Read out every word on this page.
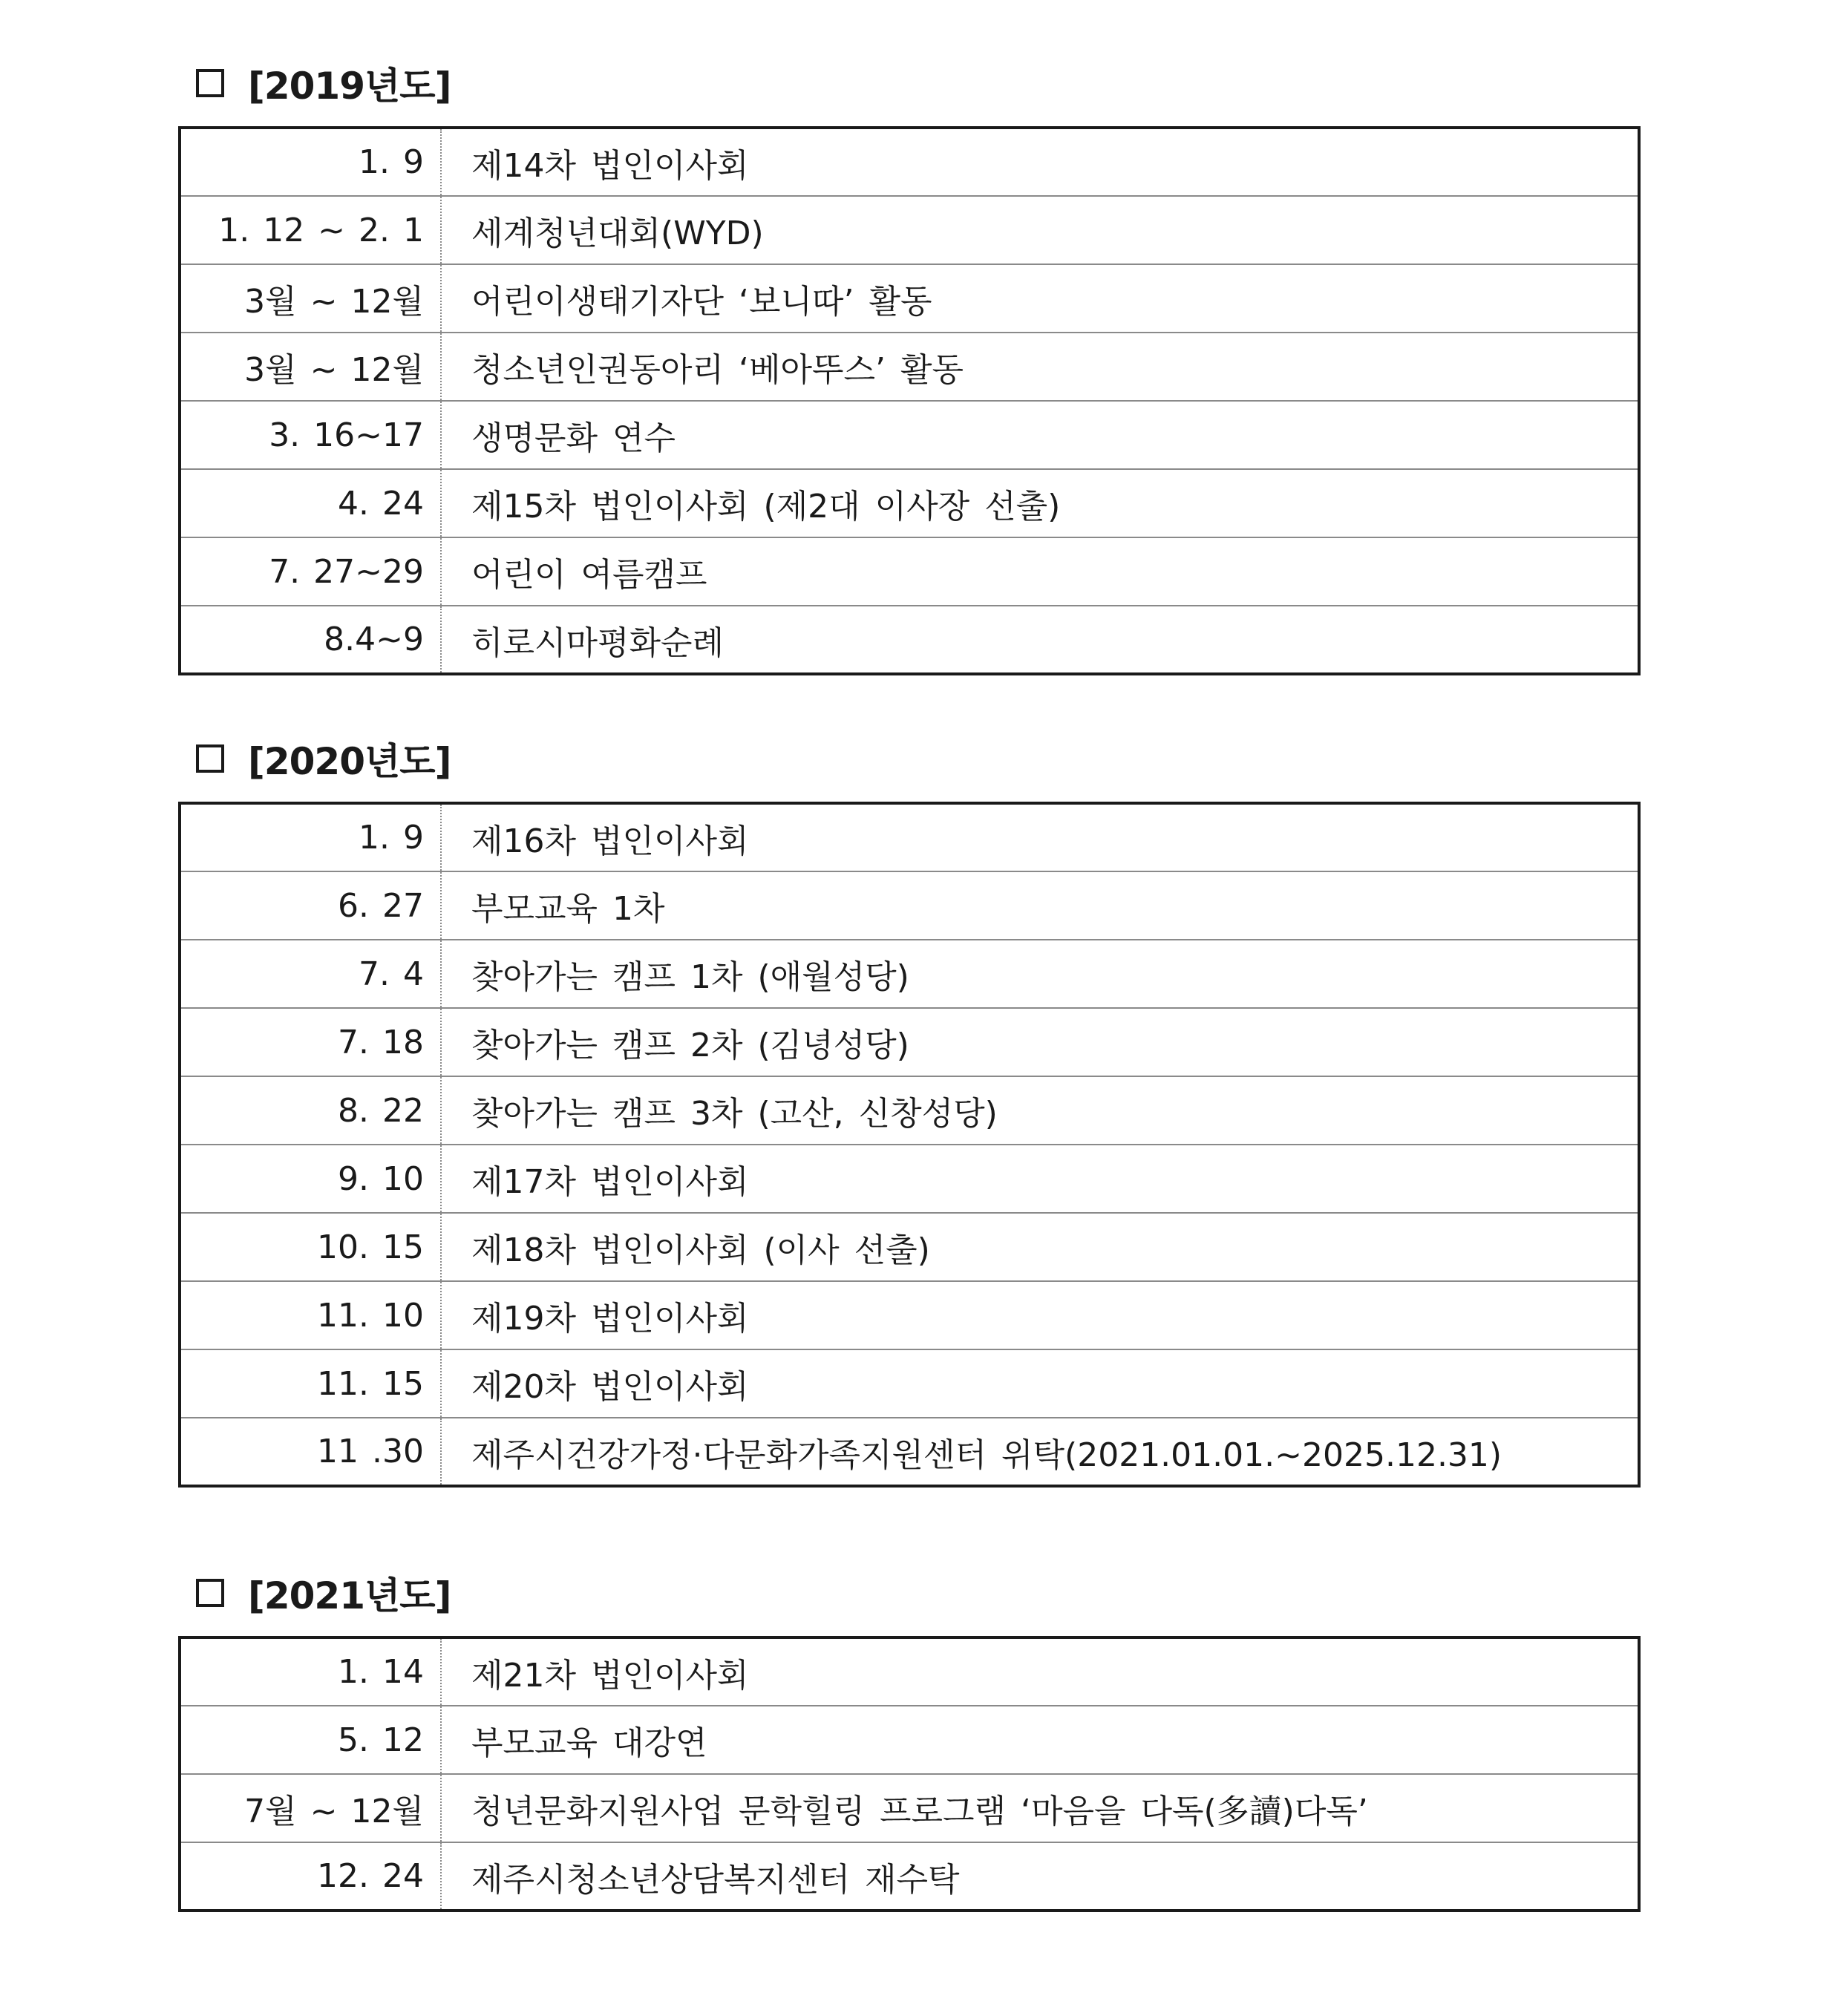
[2019년도]
1. 9	제14차 법인이사회
1. 12 ~ 2. 1	세계청년대회(WYD)
3월 ~ 12월	어린이생태기자단 ‘보니따’ 활동
3월 ~ 12월	청소년인권동아리 ‘베아뚜스’ 활동
3. 16~17	생명문화 연수
4. 24	제15차 법인이사회 (제2대 이사장 선출)
7. 27~29	어린이 여름캠프
8.4~9	히로시마평화순례
[2020년도]
1. 9	제16차 법인이사회
6. 27	부모교육 1차
7. 4	찾아가는 캠프 1차 (애월성당)
7. 18	찾아가는 캠프 2차 (김녕성당)
8. 22	찾아가는 캠프 3차 (고산, 신창성당)
9. 10	제17차 법인이사회
10. 15	제18차 법인이사회 (이사 선출)
11. 10	제19차 법인이사회
11. 15	제20차 법인이사회
11 .30	제주시건강가정·다문화가족지원센터 위탁(2021.01.01.~2025.12.31)
[2021년도]
1. 14	제21차 법인이사회
5. 12	부모교육 대강연
7월 ~ 12월	청년문화지원사업 문학힐링 프로그램 ‘마음을 다독(多讀)다독’
12. 24	제주시청소년상담복지센터 재수탁
